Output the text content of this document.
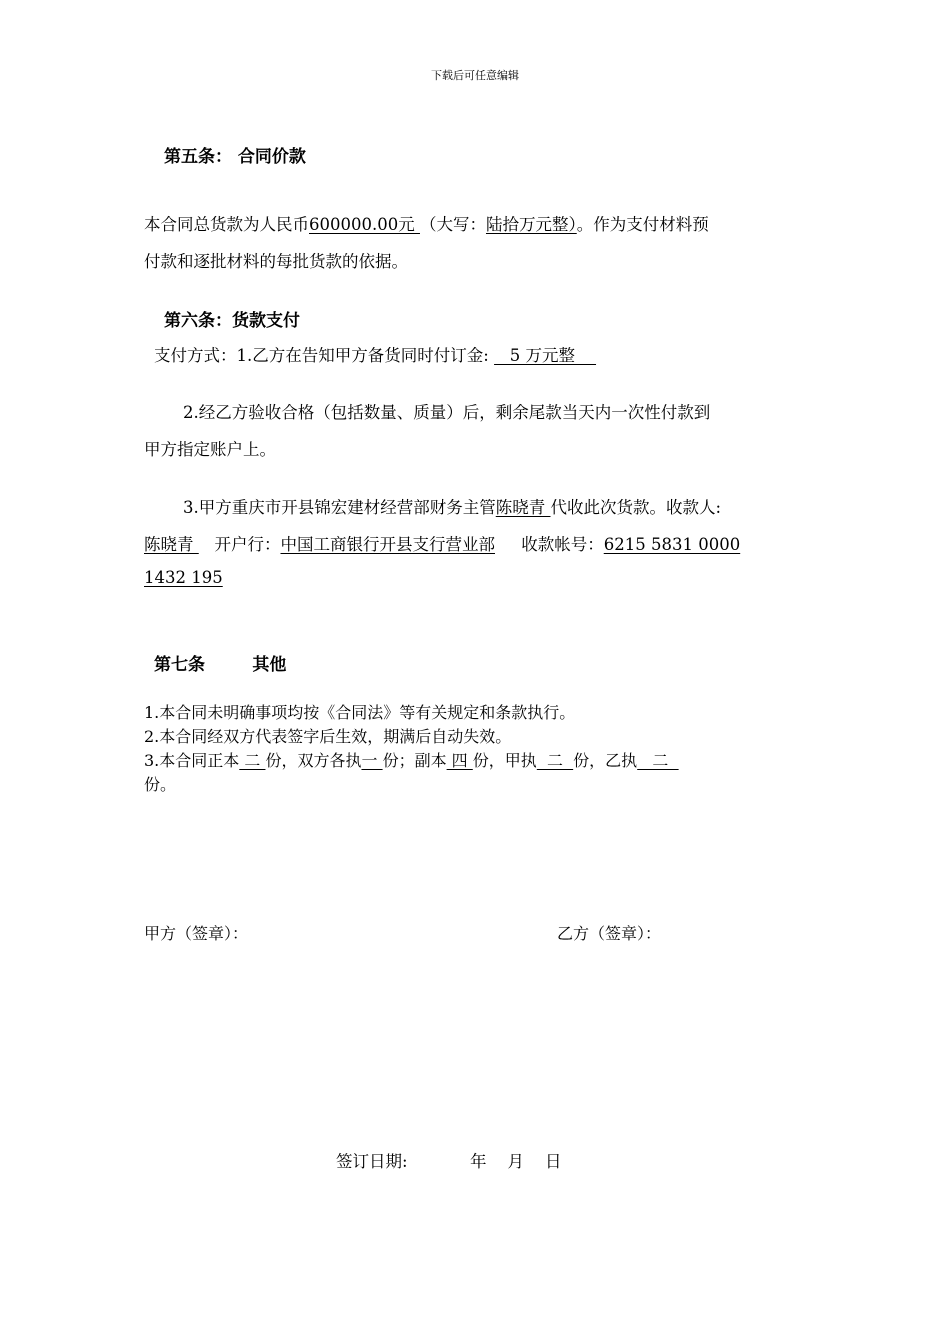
下载后可任意编辑
第五条： 合同价款
本合同总货款为人民币600000.00元 （大写：陆拾万元整）。作为支付材料预
付款和逐批材料的每批货款的依据。
第六条：货款支付
支付方式：1.乙方在告知甲方备货同时付订金:    5 万元整
2.经乙方验收合格（包括数量、质量）后，剩余尾款当天内一次性付款到
甲方指定账户上。
3.甲方重庆市开县锦宏建材经营部财务主管陈晓青 代收此次货款。收款人:
陈晓青    开户行：中国工商银行开县支行营业部 收款帐号：6215 5831 0000
1432 195
第七条        其他
1.本合同未明确事项均按《合同法》等有关规定和条款执行。
2.本合同经双方代表签字后生效，期满后自动失效。
3.本合同正本 二 份，双方各执一 份；副本 四 份，甲执  二  份，乙执   二
份。
甲方（签章）：	乙方（签章）：
签订日期:	年    月    日
